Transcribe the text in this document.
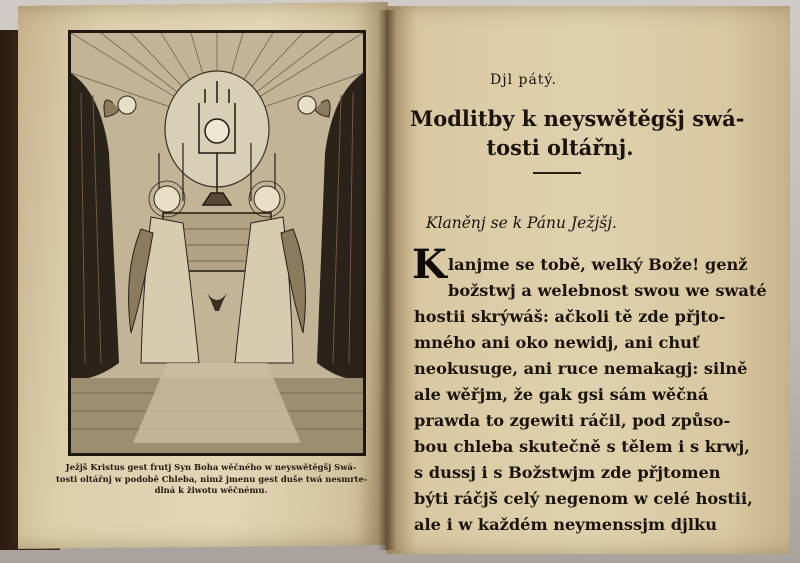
Ježjš Kristus gest frutj Syn Boha wěčného w neyswětěgšj Swá-
tosti oltářnj w podobě Chleba, nimž jmenu gest duše twá nesmrte-
dlná k žiwotu wěčnému.
Djl pátý.
Modlitby k neyswětěgšj swá-
tosti oltářnj.
Klaněnj se k Pánu Ježjšj.
K lanjme se tobě, welký Bože! genž
božstwj a welebnost swou we swaté
hostii skrýwáš: ačkoli tě zde přjto-
mného ani oko newidj, ani chuť
neokusuge, ani ruce nemakagj: silně
ale wěřjm, že gak gsi sám wěčná
prawda to zgewiti ráčil, pod způso-
bou chleba skutečně s tělem i s krwj,
s dussj i s Božstwjm zde přjtomen
býti ráčjš celý negenom w celé hostii,
ale i w každém neymenssjm djlku
